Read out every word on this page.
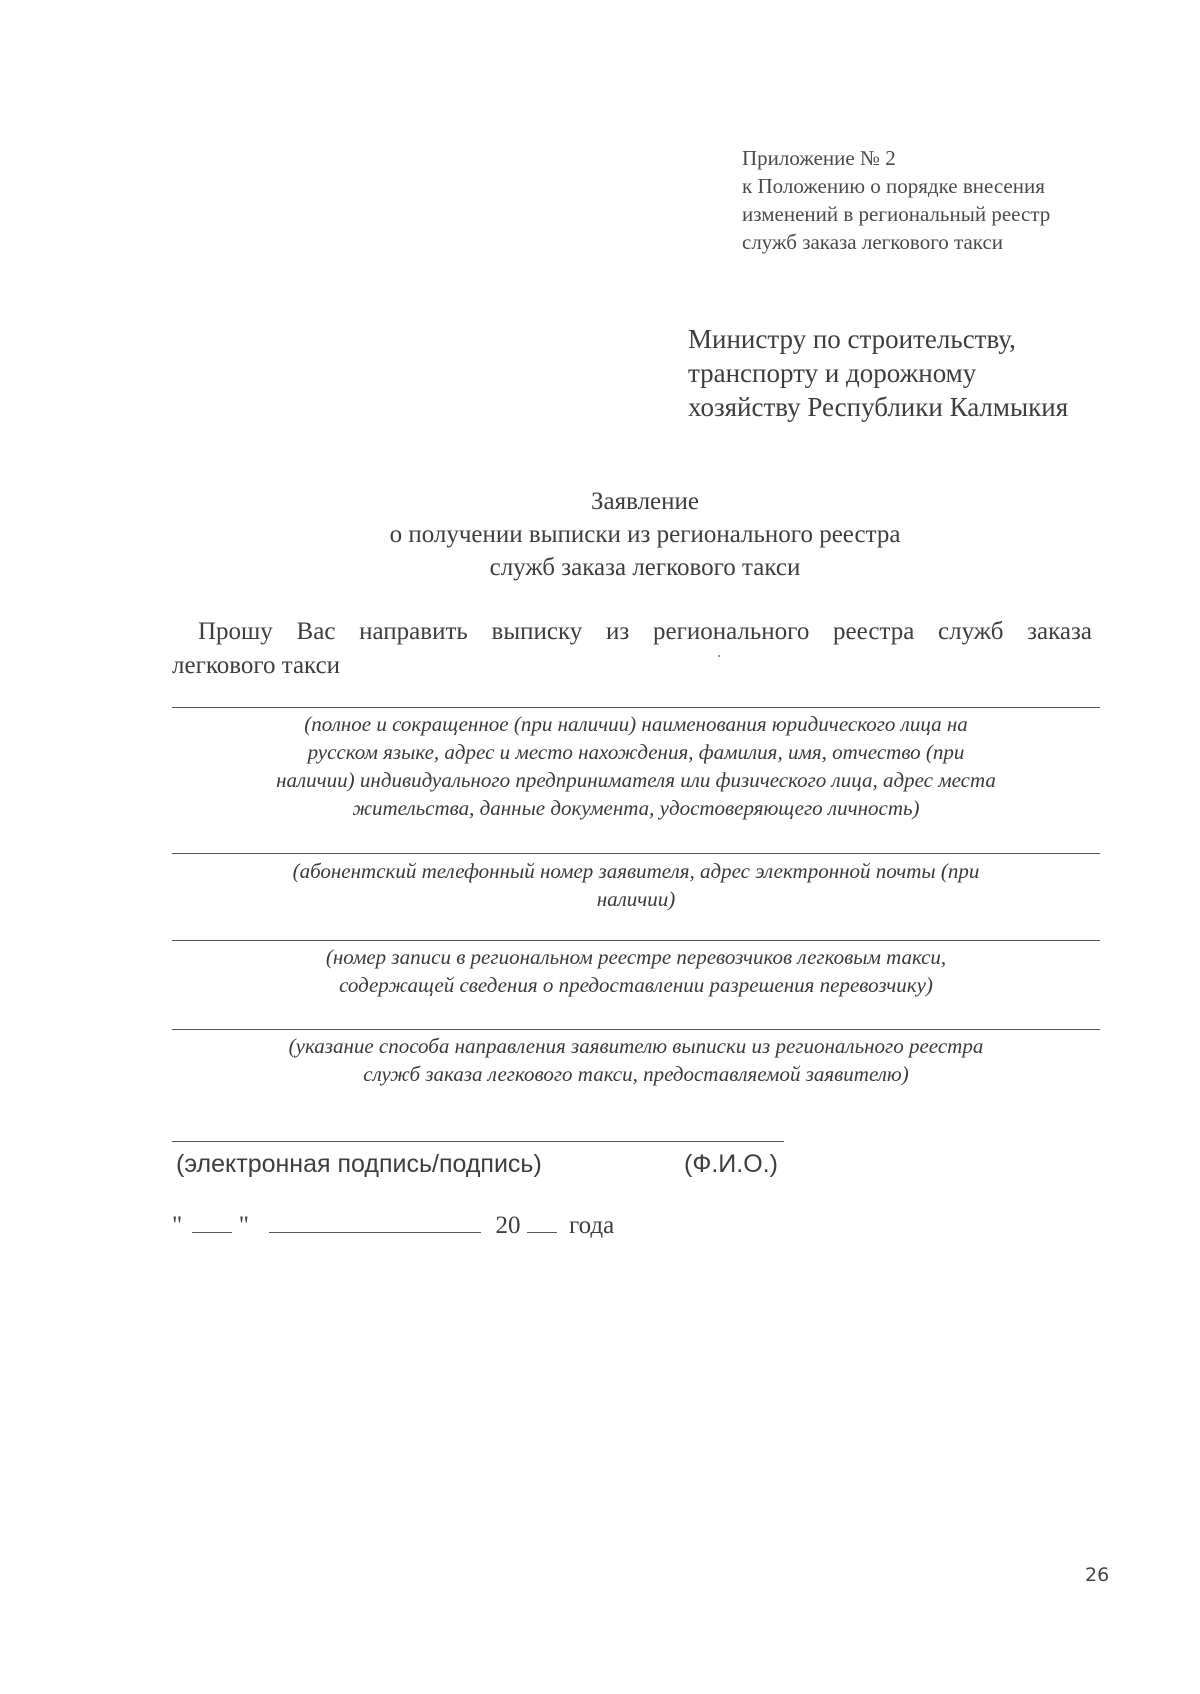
Приложение № 2
к Положению о порядке внесения
изменений в региональный реестр
служб заказа легкового такси
Министру по строительству,
транспорту и дорожному
хозяйству Республики Калмыкия
Заявление
о получении выписки из регионального реестра
служб заказа легкового такси
Прошу Вас направить выписку из регионального реестра служб заказа
легкового такси
(полное и сокращенное (при наличии) наименования юридического лица на
русском языке, адрес и место нахождения, фамилия, имя, отчество (при
наличии) индивидуального предпринимателя или физического лица, адрес места
жительства, данные документа, удостоверяющего личность)
(абонентский телефонный номер заявителя, адрес электронной почты (при
наличии)
(номер записи в региональном реестре перевозчиков легковым такси,
содержащей сведения о предоставлении разрешения перевозчику)
(указание способа направления заявителю выписки из регионального реестра
служб заказа легкового такси, предоставляемой заявителю)
(электронная подпись/подпись)	(Ф.И.О.)
" "	20 года
26
